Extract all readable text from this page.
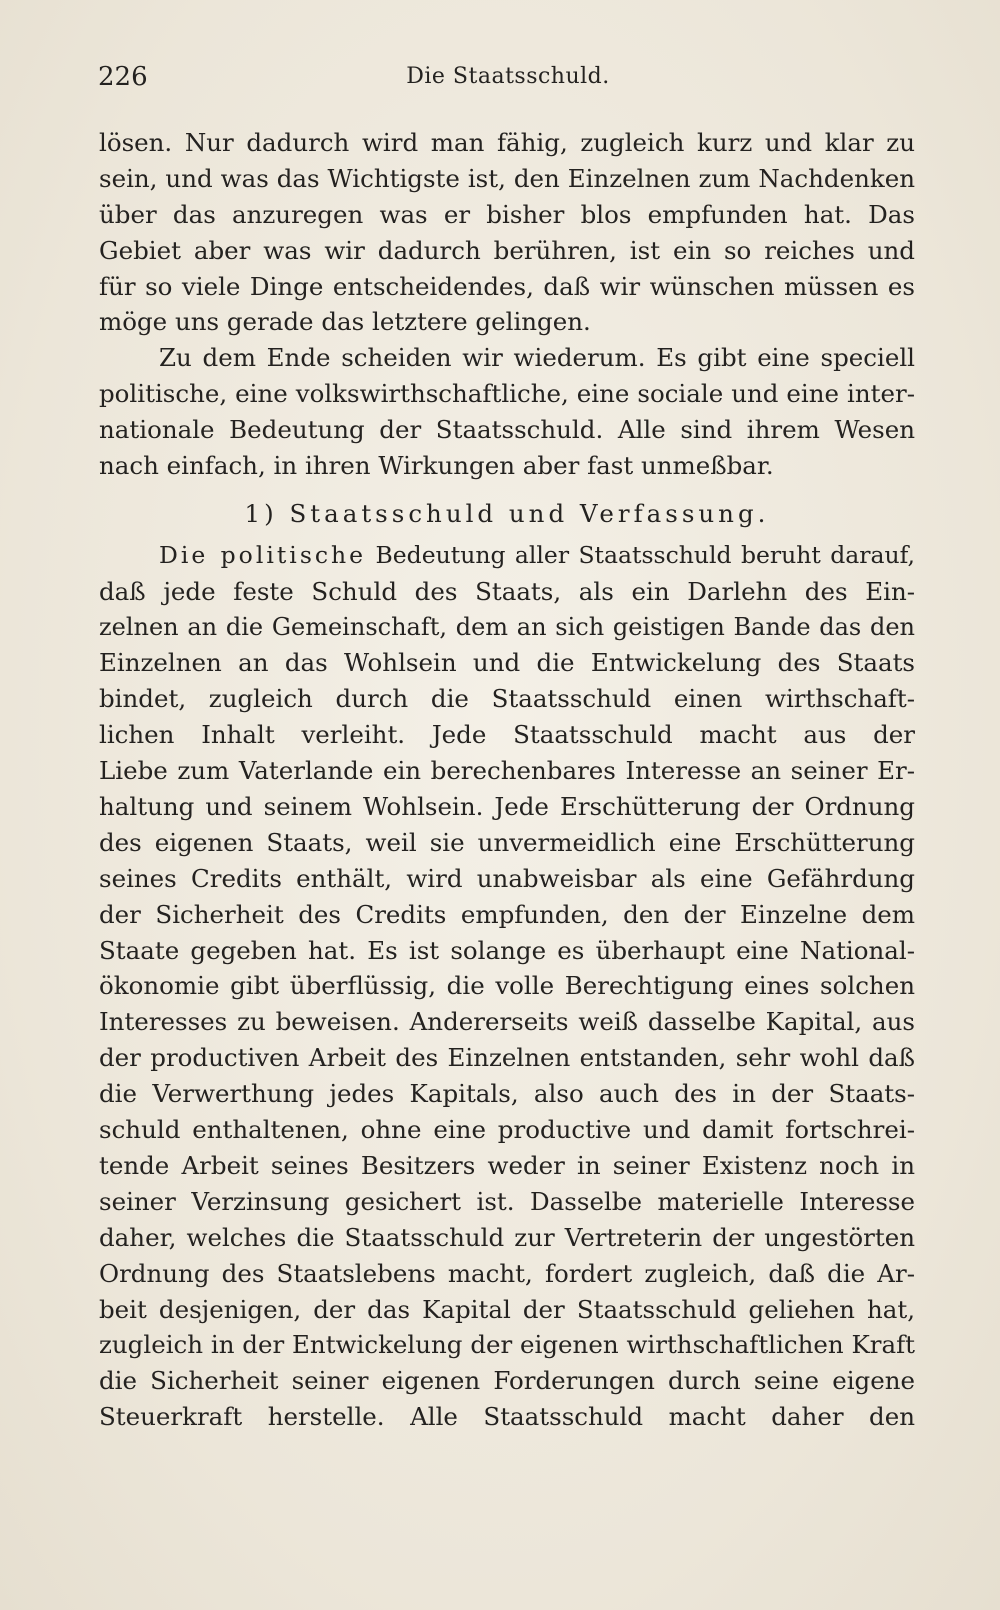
226	Die Staatsschuld.
lösen. Nur dadurch wird man fähig, zugleich kurz und klar zu
sein, und was das Wichtigste ist, den Einzelnen zum Nachdenken
über das anzuregen was er bisher blos empfunden hat. Das
Gebiet aber was wir dadurch berühren, ist ein so reiches und
für so viele Dinge entscheidendes, daß wir wünschen müssen es
möge uns gerade das letztere gelingen.
Zu dem Ende scheiden wir wiederum. Es gibt eine speciell
politische, eine volkswirthschaftliche, eine sociale und eine inter-
nationale Bedeutung der Staatsschuld. Alle sind ihrem Wesen
nach einfach, in ihren Wirkungen aber fast unmeßbar.
1) Staatsschuld und Verfassung.
Die politische Bedeutung aller Staatsschuld beruht darauf,
daß jede feste Schuld des Staats, als ein Darlehn des Ein-
zelnen an die Gemeinschaft, dem an sich geistigen Bande das den
Einzelnen an das Wohlsein und die Entwickelung des Staats
bindet, zugleich durch die Staatsschuld einen wirthschaft-
lichen Inhalt verleiht. Jede Staatsschuld macht aus der
Liebe zum Vaterlande ein berechenbares Interesse an seiner Er-
haltung und seinem Wohlsein. Jede Erschütterung der Ordnung
des eigenen Staats, weil sie unvermeidlich eine Erschütterung
seines Credits enthält, wird unabweisbar als eine Gefährdung
der Sicherheit des Credits empfunden, den der Einzelne dem
Staate gegeben hat. Es ist solange es überhaupt eine National-
ökonomie gibt überflüssig, die volle Berechtigung eines solchen
Interesses zu beweisen. Andererseits weiß dasselbe Kapital, aus
der productiven Arbeit des Einzelnen entstanden, sehr wohl daß
die Verwerthung jedes Kapitals, also auch des in der Staats-
schuld enthaltenen, ohne eine productive und damit fortschrei-
tende Arbeit seines Besitzers weder in seiner Existenz noch in
seiner Verzinsung gesichert ist. Dasselbe materielle Interesse
daher, welches die Staatsschuld zur Vertreterin der ungestörten
Ordnung des Staatslebens macht, fordert zugleich, daß die Ar-
beit desjenigen, der das Kapital der Staatsschuld geliehen hat,
zugleich in der Entwickelung der eigenen wirthschaftlichen Kraft
die Sicherheit seiner eigenen Forderungen durch seine eigene
Steuerkraft herstelle. Alle Staatsschuld macht daher den
